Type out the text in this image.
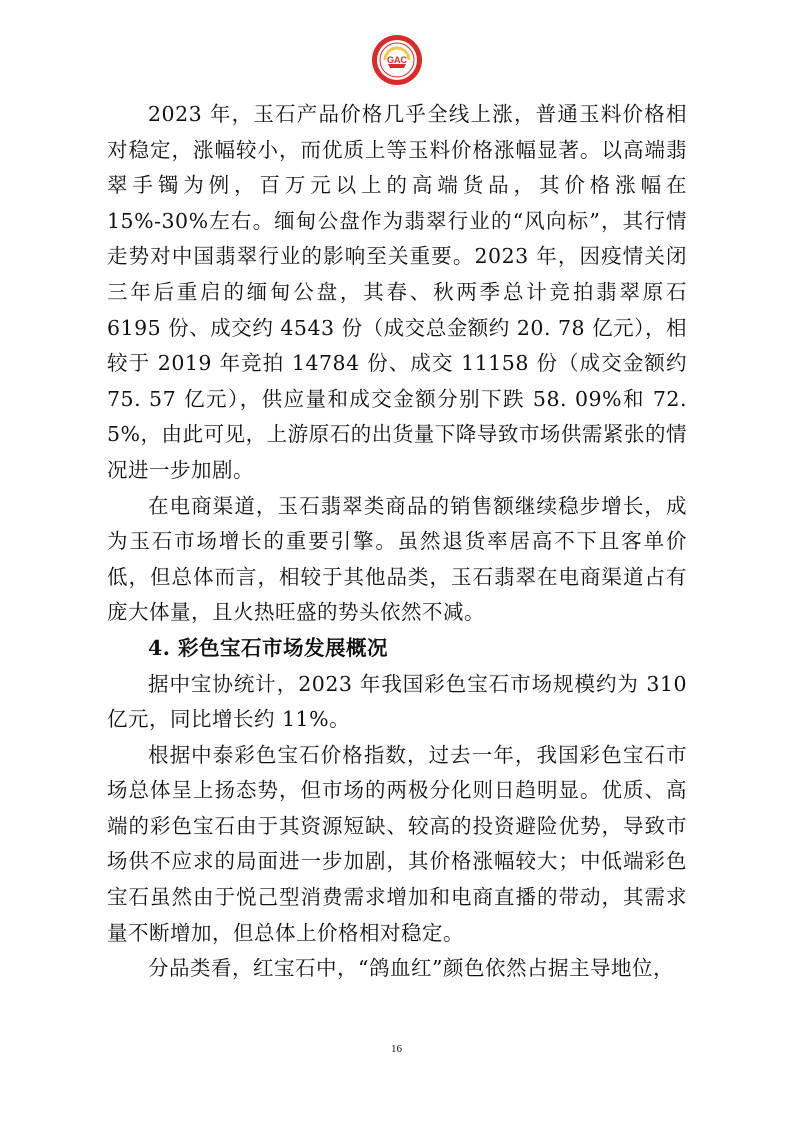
GAC

2023 年，玉石产品价格几乎全线上涨，普通玉料价格相对稳定，涨幅较小，而优质上等玉料价格涨幅显著。以高端翡翠手镯为例，百万元以上的高端货品，其价格涨幅在 15%-30%左右。缅甸公盘作为翡翠行业的“风向标”，其行情走势对中国翡翠行业的影响至关重要。2023 年，因疫情关闭三年后重启的缅甸公盘，其春、秋两季总计竞拍翡翠原石 6195 份、成交约 4543 份（成交总金额约 20. 78 亿元），相较于 2019 年竞拍 14784 份、成交 11158 份（成交金额约 75. 57 亿元），供应量和成交金额分别下跌 58. 09%和 72. 5%，由此可见，上游原石的出货量下降导致市场供需紧张的情况进一步加剧。

在电商渠道，玉石翡翠类商品的销售额继续稳步增长，成为玉石市场增长的重要引擎。虽然退货率居高不下且客单价低，但总体而言，相较于其他品类，玉石翡翠在电商渠道占有庞大体量，且火热旺盛的势头依然不减。

4. 彩色宝石市场发展概况

据中宝协统计，2023 年我国彩色宝石市场规模约为 310 亿元，同比增长约 11%。

根据中泰彩色宝石价格指数，过去一年，我国彩色宝石市场总体呈上扬态势，但市场的两极分化则日趋明显。优质、高端的彩色宝石由于其资源短缺、较高的投资避险优势，导致市场供不应求的局面进一步加剧，其价格涨幅较大；中低端彩色宝石虽然由于悦己型消费需求增加和电商直播的带动，其需求量不断增加，但总体上价格相对稳定。

分品类看，红宝石中，“鸽血红”颜色依然占据主导地位，

16
